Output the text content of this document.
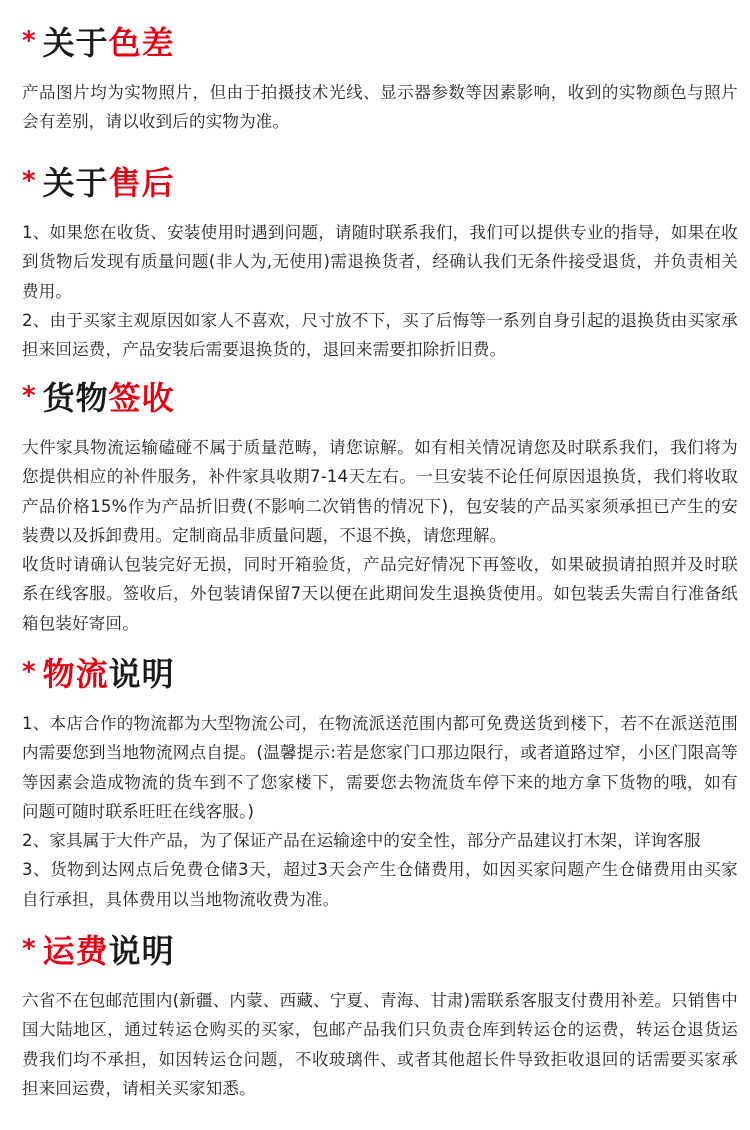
* 关于 色差

产品图片均为实物照片，但由于拍摄技术光线、显示器参数等因素影响，收到的实物颜色与照片会有差别，请以收到后的实物为准。

* 关于 售后

1、如果您在收货、安装使用时遇到问题，请随时联系我们，我们可以提供专业的指导，如果在收到货物后发现有质量问题(非人为,无使用)需退换货者，经确认我们无条件接受退货，并负责相关费用。

2、由于买家主观原因如家人不喜欢，尺寸放不下，买了后悔等一系列自身引起的退换货由买家承担来回运费，产品安装后需要退换货的，退回来需要扣除折旧费。

* 货物 签收

大件家具物流运输磕碰不属于质量范畴，请您谅解。如有相关情况请您及时联系我们，我们将为您提供相应的补件服务，补件家具收期7-14天左右。一旦安装不论任何原因退换货，我们将收取产品价格15%作为产品折旧费(不影响二次销售的情况下)，包安装的产品买家须承担已产生的安装费以及拆卸费用。定制商品非质量问题，不退不换，请您理解。

收货时请确认包装完好无损，同时开箱验货，产品完好情况下再签收，如果破损请拍照并及时联系在线客服。签收后，外包装请保留7天以便在此期间发生退换货使用。如包装丢失需自行准备纸箱包装好寄回。

* 物流 说明

1、本店合作的物流都为大型物流公司，在物流派送范围内都可免费送货到楼下，若不在派送范围内需要您到当地物流网点自提。(温馨提示:若是您家门口那边限行，或者道路过窄，小区门限高等等因素会造成物流的货车到不了您家楼下，需要您去物流货车停下来的地方拿下货物的哦，如有问题可随时联系旺旺在线客服。)

2、家具属于大件产品，为了保证产品在运输途中的安全性，部分产品建议打木架，详询客服

3、货物到达网点后免费仓储3天，超过3天会产生仓储费用，如因买家问题产生仓储费用由买家自行承担，具体费用以当地物流收费为准。

* 运费 说明

六省不在包邮范围内(新疆、内蒙、西藏、宁夏、青海、甘肃)需联系客服支付费用补差。只销售中国大陆地区，通过转运仓购买的买家，包邮产品我们只负责仓库到转运仓的运费，转运仓退货运费我们均不承担，如因转运仓问题，不收玻璃件、或者其他超长件导致拒收退回的话需要买家承担来回运费，请相关买家知悉。
